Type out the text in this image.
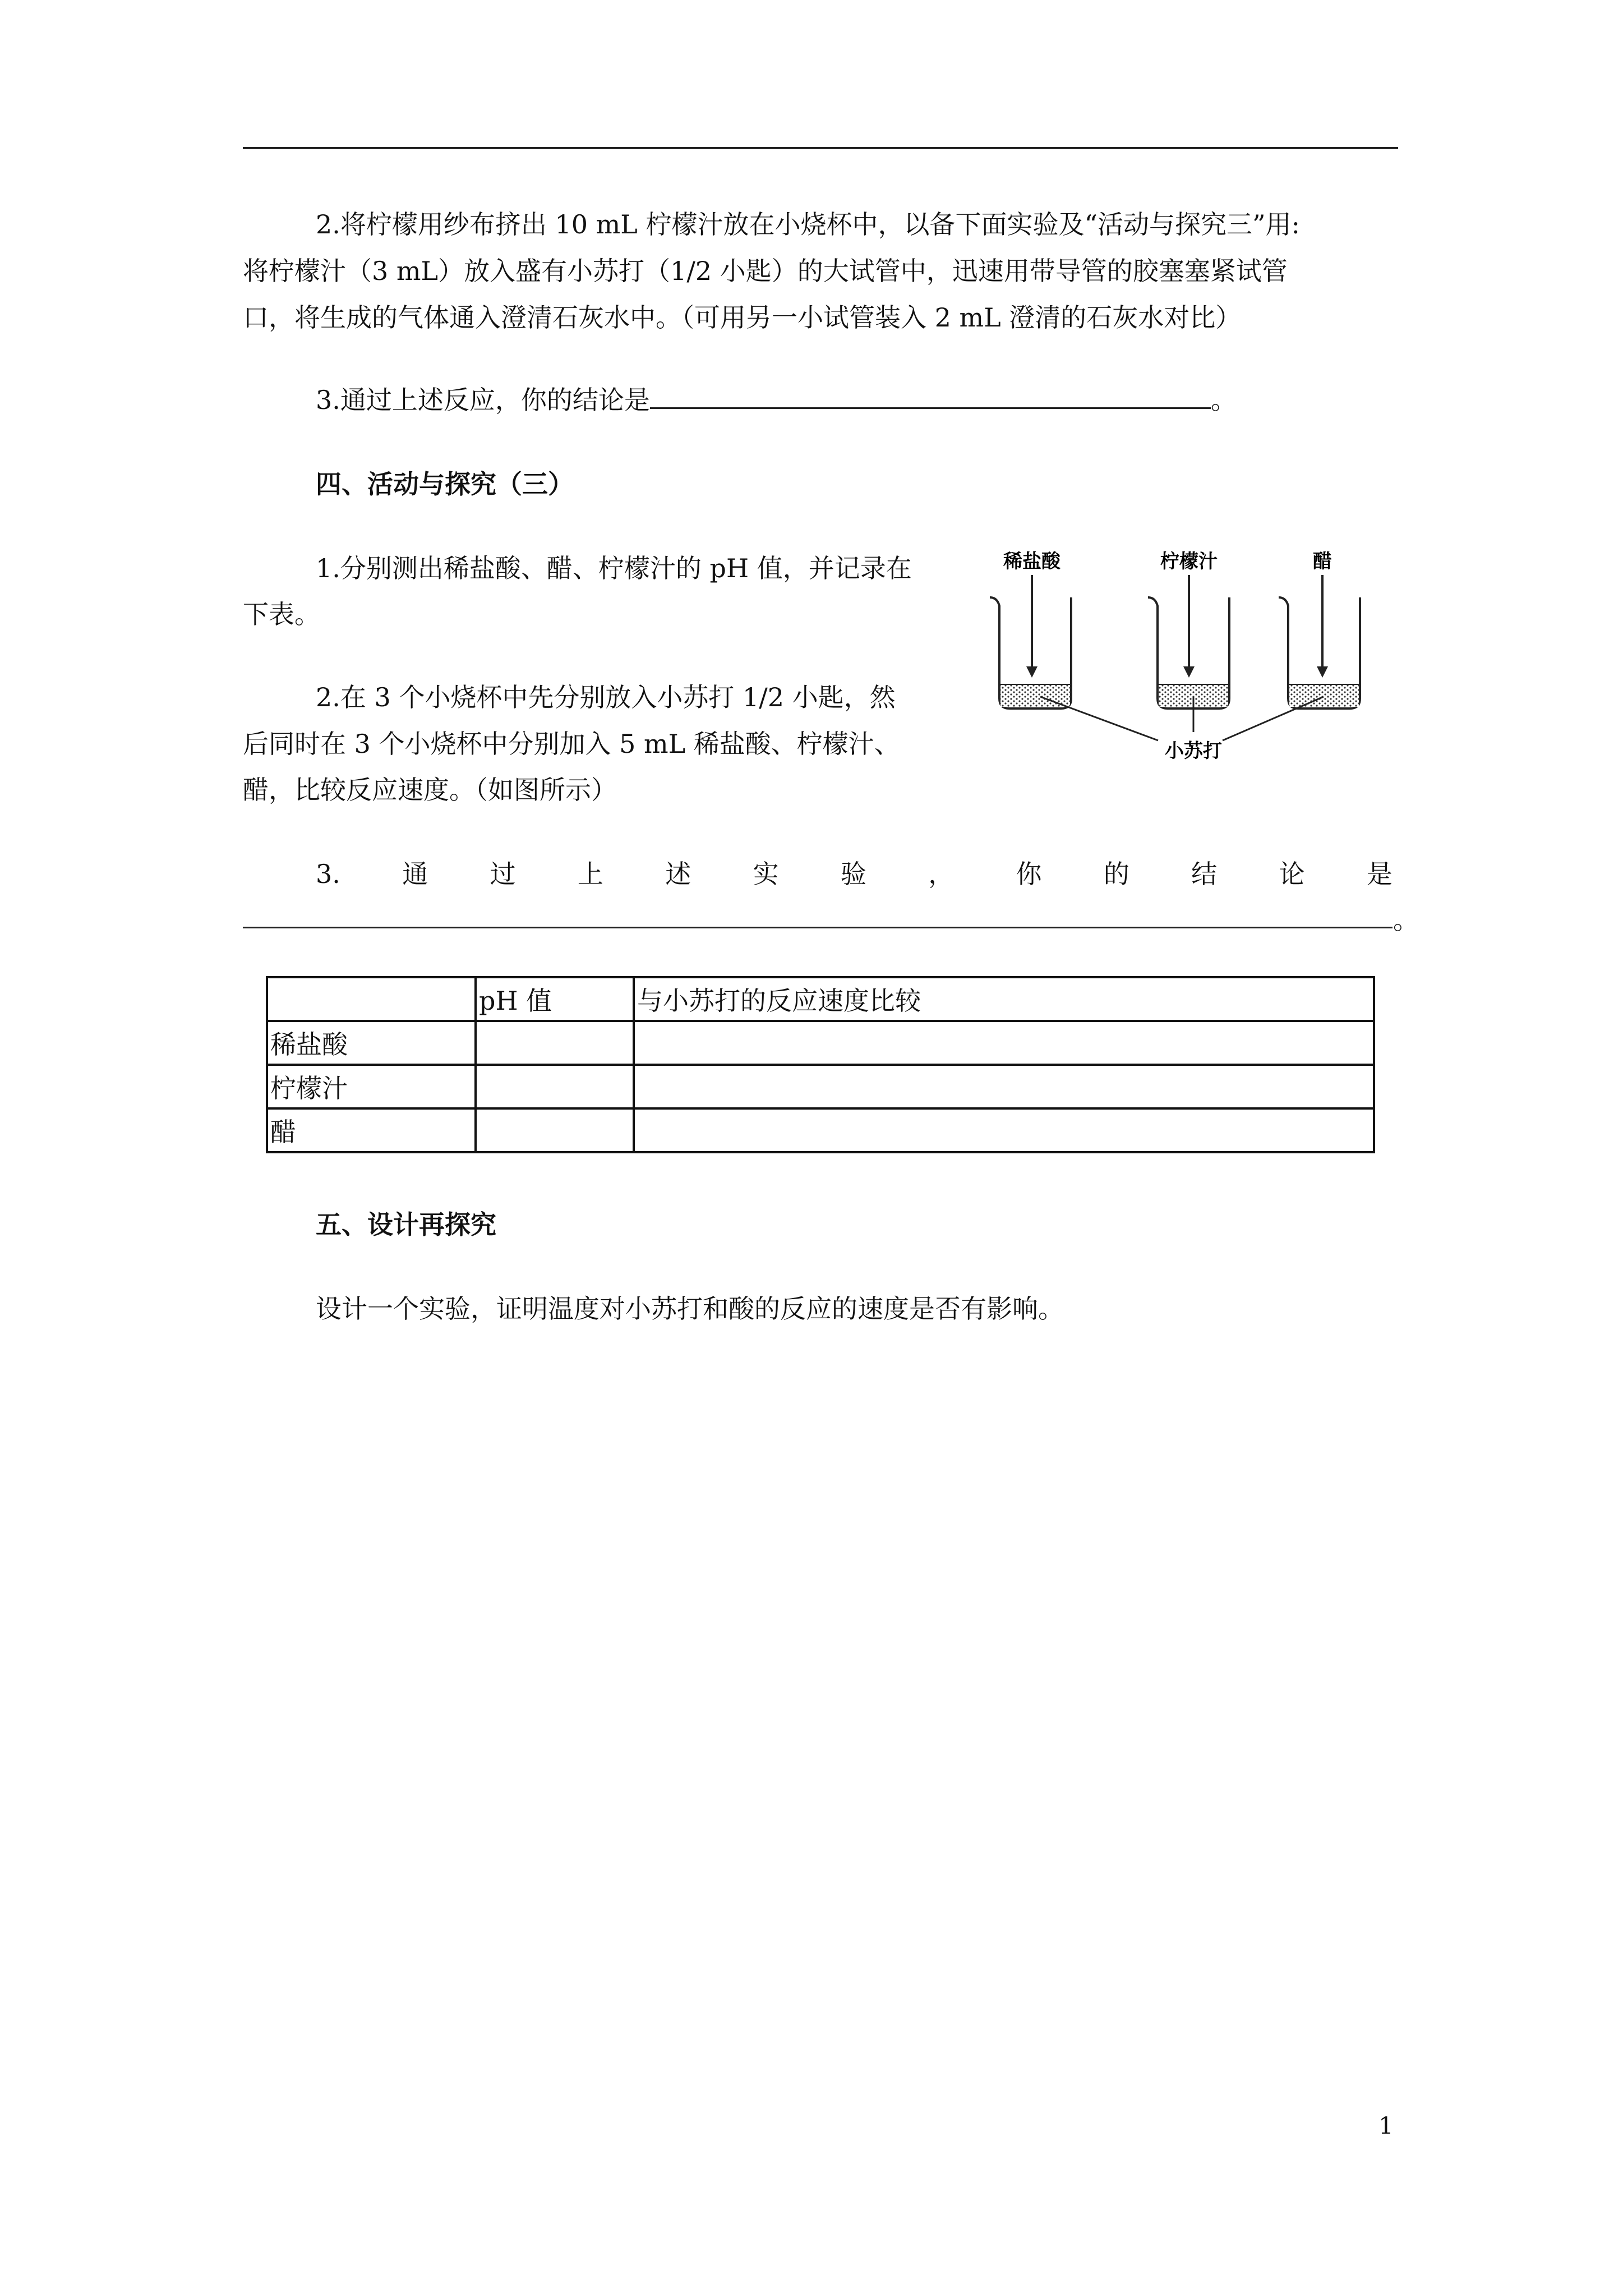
2.将柠檬用纱布挤出 10 mL 柠檬汁放在小烧杯中，以备下面实验及“活动与探究三”用:
将柠檬汁（3 mL）放入盛有小苏打（1/2 小匙）的大试管中，迅速用带导管的胶塞塞紧试管
口，将生成的气体通入澄清石灰水中。（可用另一小试管装入 2 mL 澄清的石灰水对比）
3.通过上述反应，你的结论是	。
四、活动与探究（三）
1.分别测出稀盐酸、醋、柠檬汁的 pH 值，并记录在
下表。
2.在 3 个小烧杯中先分别放入小苏打 1/2 小匙，然
后同时在 3 个小烧杯中分别加入 5 mL 稀盐酸、柠檬汁、
醋，比较反应速度。（如图所示）
稀盐酸	柠檬汁	醋
小苏打
3. 通 过 上 述 实 验 ， 你 的 结 论 是
。
	pH 值	与小苏打的反应速度比较
稀盐酸		
柠檬汁		
醋		
五、设计再探究
设计一个实验，证明温度对小苏打和酸的反应的速度是否有影响。
1
